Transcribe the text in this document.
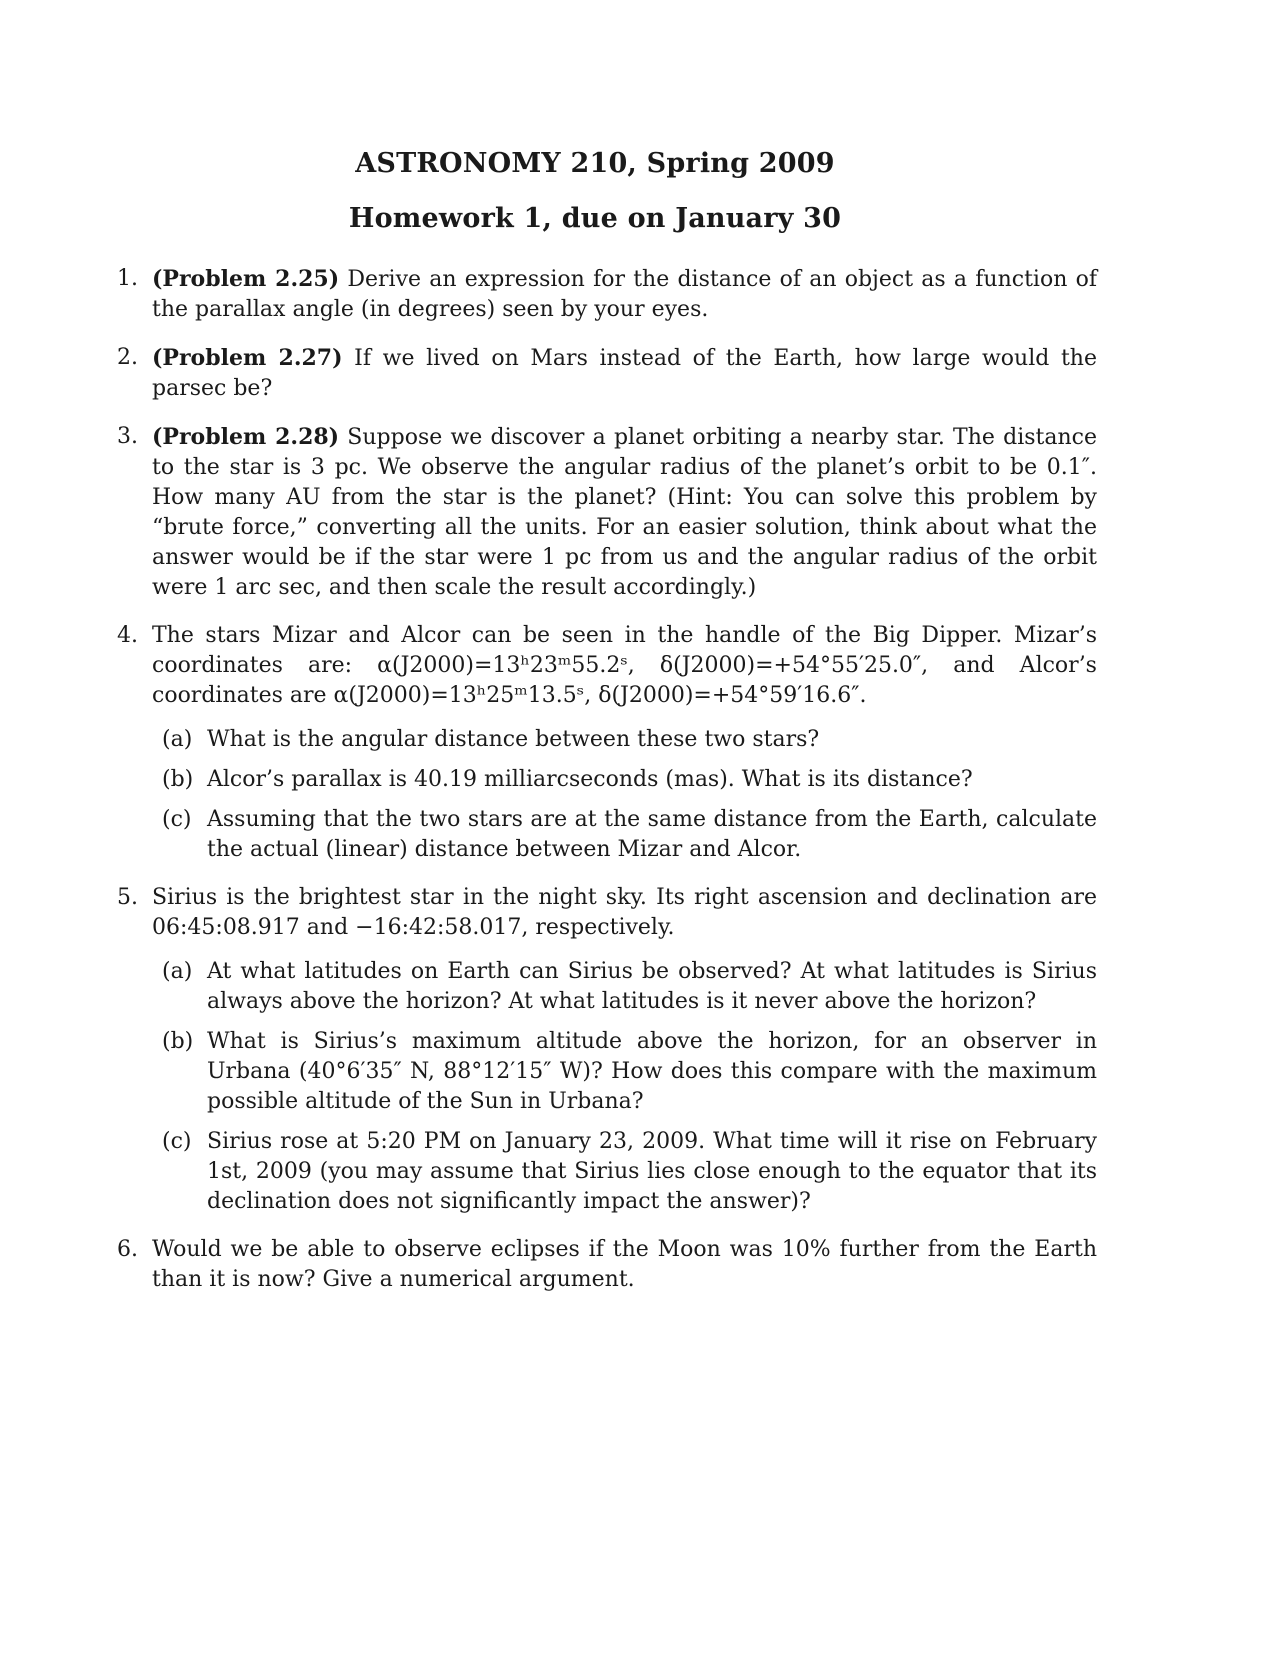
ASTRONOMY 210, Spring 2009
Homework 1, due on January 30
1. (Problem 2.25) Derive an expression for the distance of an object as a function of the parallax angle (in degrees) seen by your eyes.
2. (Problem 2.27) If we lived on Mars instead of the Earth, how large would the parsec be?
3. (Problem 2.28) Suppose we discover a planet orbiting a nearby star. The distance to the star is 3 pc. We observe the angular radius of the planet’s orbit to be 0.1″. How many AU from the star is the planet? (Hint: You can solve this problem by “brute force,” converting all the units. For an easier solution, think about what the answer would be if the star were 1 pc from us and the angular radius of the orbit were 1 arc sec, and then scale the result accordingly.)
4. The stars Mizar and Alcor can be seen in the handle of the Big Dipper. Mizar’s coordinates are: α(J2000)=13ʰ23ᵐ55.2ˢ, δ(J2000)=+54°55′25.0″, and Alcor’s coordinates are α(J2000)=13ʰ25ᵐ13.5ˢ, δ(J2000)=+54°59′16.6″.
(a) What is the angular distance between these two stars?
(b) Alcor’s parallax is 40.19 milliarcseconds (mas). What is its distance?
(c) Assuming that the two stars are at the same distance from the Earth, calculate the actual (linear) distance between Mizar and Alcor.
5. Sirius is the brightest star in the night sky. Its right ascension and declination are 06:45:08.917 and −16:42:58.017, respectively.
(a) At what latitudes on Earth can Sirius be observed? At what latitudes is Sirius always above the horizon? At what latitudes is it never above the horizon?
(b) What is Sirius’s maximum altitude above the horizon, for an observer in Urbana (40°6′35″ N, 88°12′15″ W)? How does this compare with the maximum possible altitude of the Sun in Urbana?
(c) Sirius rose at 5:20 PM on January 23, 2009. What time will it rise on February 1st, 2009 (you may assume that Sirius lies close enough to the equator that its declination does not significantly impact the answer)?
6. Would we be able to observe eclipses if the Moon was 10% further from the Earth than it is now? Give a numerical argument.
